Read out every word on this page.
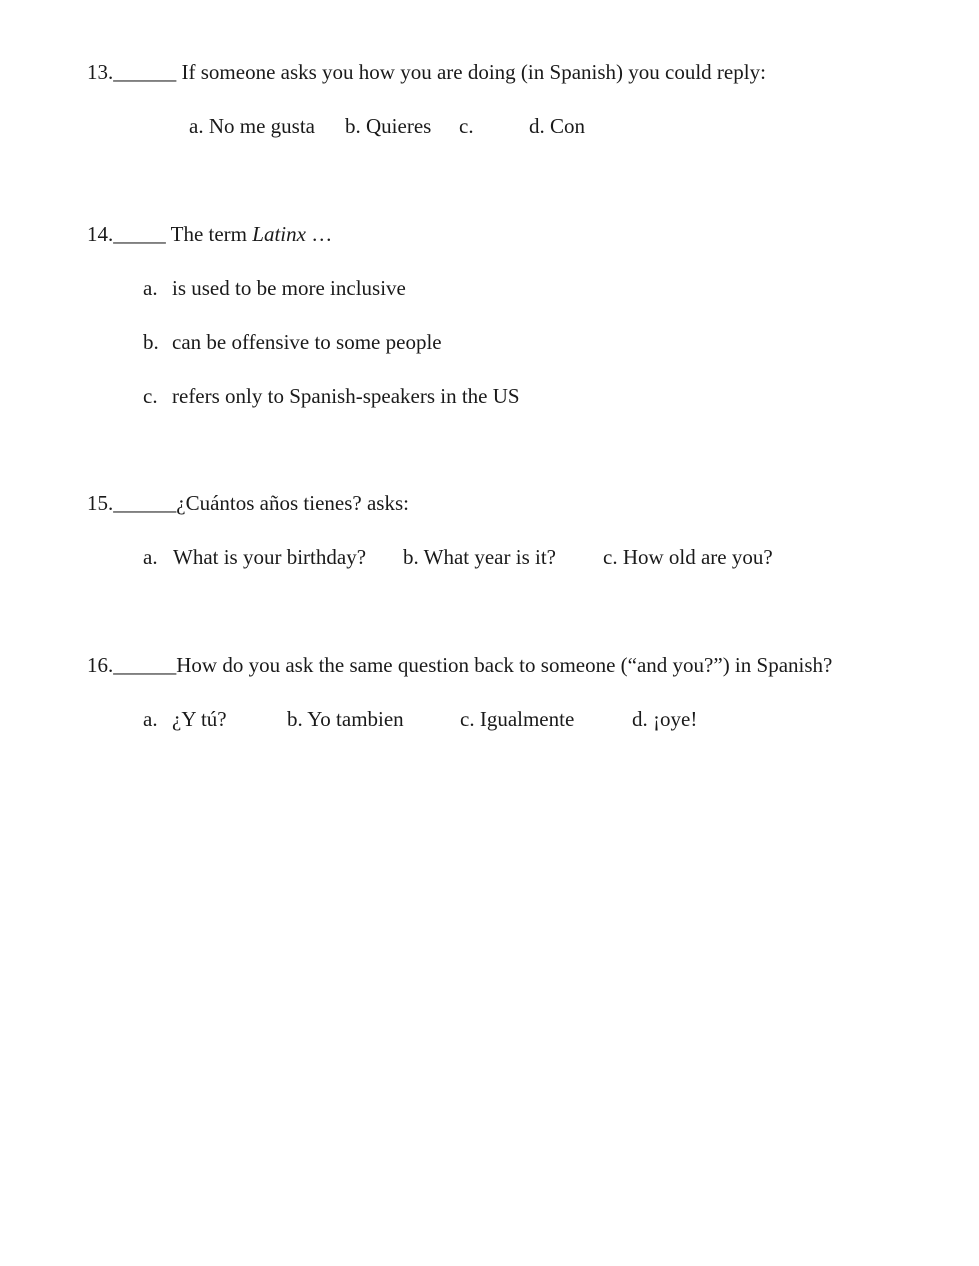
13.______ If someone asks you how you are doing (in Spanish) you could reply:
a. No me gusta b. Quieres c.	d. Con
14._____ The term Latinx …
a. is used to be more inclusive
b. can be offensive to some people
c. refers only to Spanish-speakers in the US
15.______¿Cuántos años tienes? asks:
a. What is your birthday? b. What year is it? c. How old are you?
16.______How do you ask the same question back to someone (“and you?”) in Spanish?
a. ¿Y tú?	b. Yo tambien	c. Igualmente	d. ¡oye!
